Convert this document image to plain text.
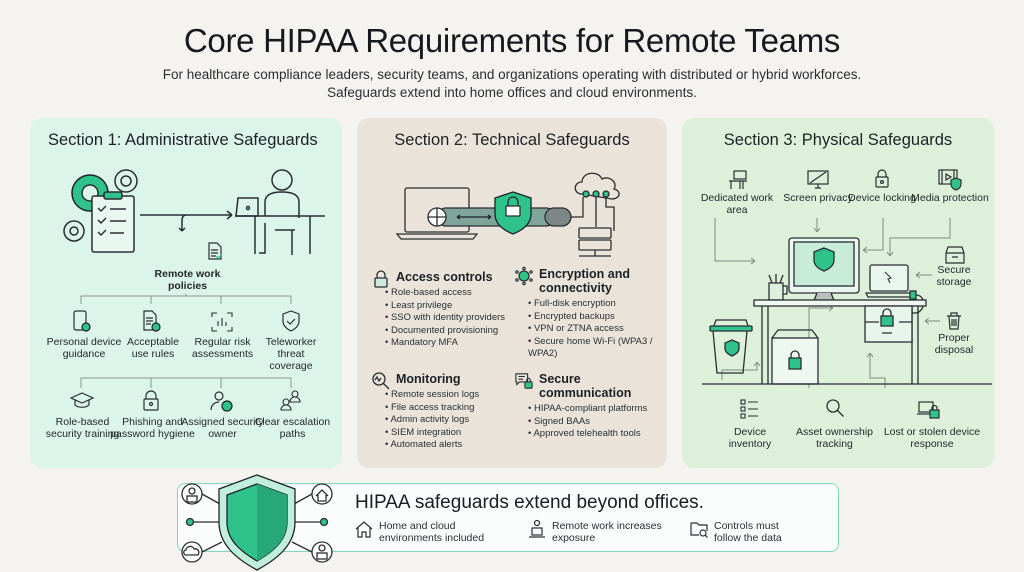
Core HIPAA Requirements for Remote Teams
For healthcare compliance leaders, security teams, and organizations operating with distributed or hybrid workforces.
Safeguards extend into home offices and cloud environments.
Section 1: Administrative Safeguards
Remote work policies
Personal device guidance
Acceptable use rules
Regular risk assessments
Teleworker threat coverage
Role-based security training
Phishing and password hygiene
Assigned security owner
Clear escalation paths
Section 2: Technical Safeguards
Access controls
• Role-based access
• Least privilege
• SSO with identity providers
• Documented provisioning
• Mandatory MFA
Encryption and connectivity
• Full-disk encryption
• Encrypted backups
• VPN or ZTNA access
• Secure home Wi-Fi (WPA3 / WPA2)
Monitoring
• Remote session logs
• File access tracking
• Admin activity logs
• SIEM integration
• Automated alerts
Secure communication
• HIPAA-compliant platforms
• Signed BAAs
• Approved telehealth tools
Section 3: Physical Safeguards
Dedicated work area
Screen privacy
Device locking
Media protection
Secure storage
Proper disposal
Device inventory
Asset ownership tracking
Lost or stolen device response
HIPAA safeguards extend beyond offices.
Home and cloud environments included
Remote work increases exposure
Controls must follow the data
